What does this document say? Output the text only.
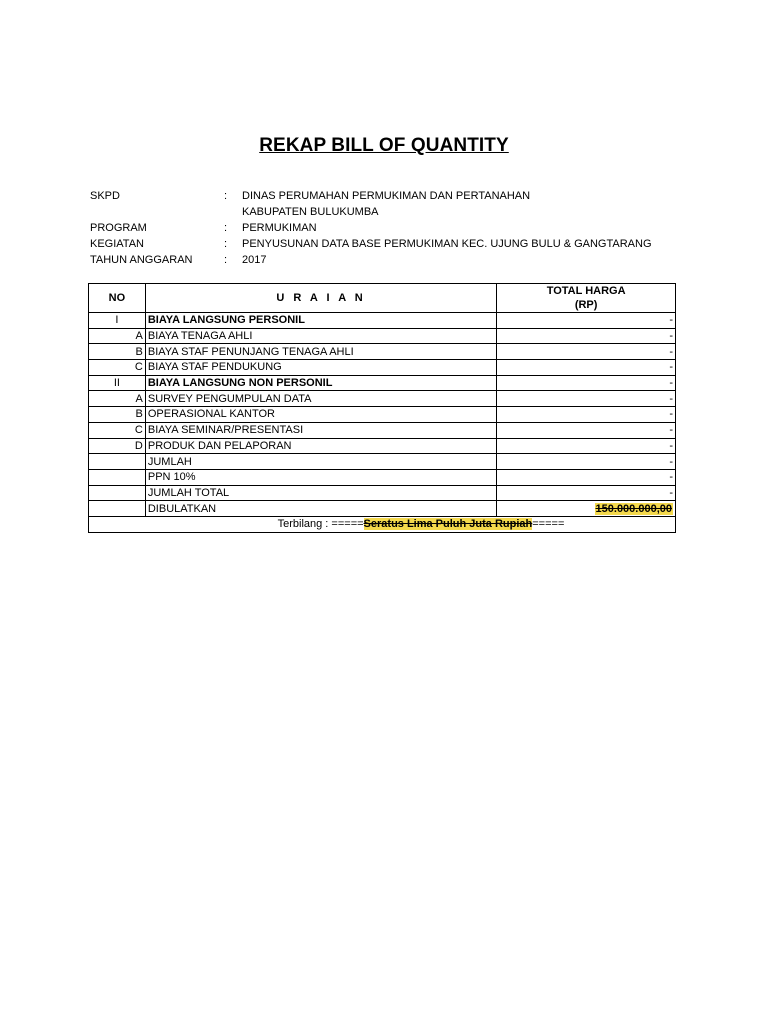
REKAP BILL OF QUANTITY
SKPD	:	DINAS PERUMAHAN PERMUKIMAN DAN PERTANAHAN
KABUPATEN BULUKUMBA
PROGRAM	:	PERMUKIMAN
KEGIATAN	:	PENYUSUNAN DATA BASE PERMUKIMAN KEC. UJUNG BULU & GANGTARANG
TAHUN ANGGARAN	:	2017
NO	U R A I A N	TOTAL HARGA
(RP)

I	BIAYA LANGSUNG PERSONIL	-
A	BIAYA TENAGA AHLI	-
B	BIAYA STAF PENUNJANG TENAGA AHLI	-
C	BIAYA STAF PENDUKUNG	-
II	BIAYA LANGSUNG NON PERSONIL	-
A	SURVEY PENGUMPULAN DATA	-
B	OPERASIONAL KANTOR	-
C	BIAYA SEMINAR/PRESENTASI	-
D	PRODUK DAN PELAPORAN	-
	JUMLAH	-
	PPN 10%	-
	JUMLAH TOTAL	-
	DIBULATKAN	150.000.000,00
Terbilang : =====Seratus Lima Puluh Juta Rupiah=====		
